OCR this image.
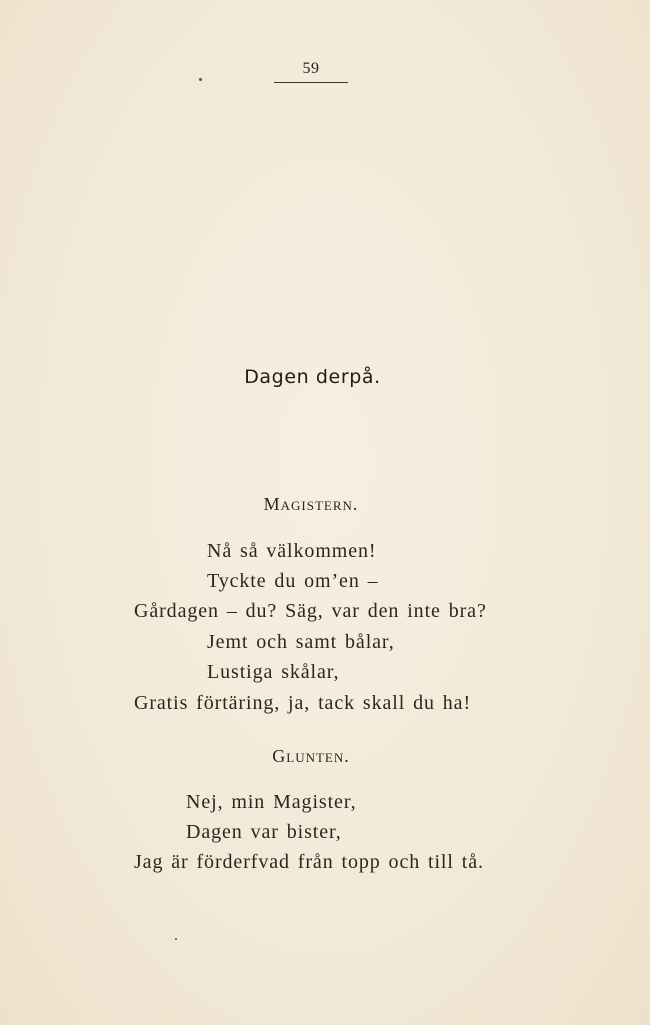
59
Dagen derpå.
Magistern.
Nå så välkommen!
Tyckte du om’en –
Gårdagen – du? Säg, var den inte bra?
Jemt och samt bålar,
Lustiga skålar,
Gratis förtäring, ja, tack skall du ha!
Glunten.
Nej, min Magister,
Dagen var bister,
Jag är förderfvad från topp och till tå.
